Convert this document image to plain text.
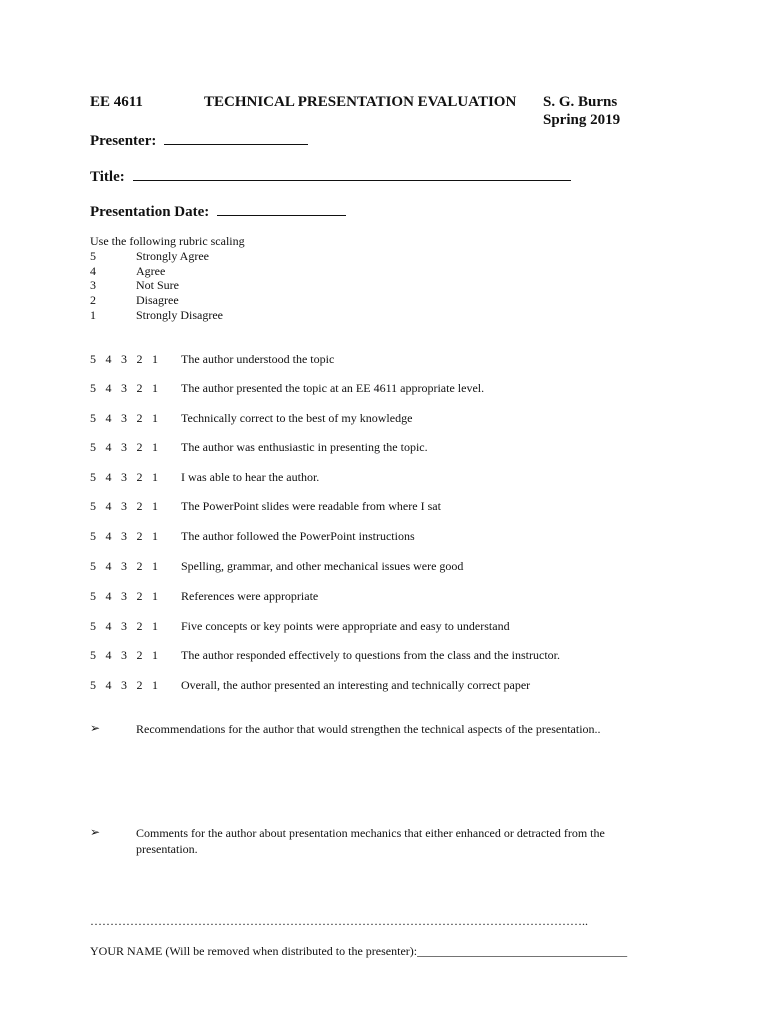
EE 4611	TECHNICAL PRESENTATION EVALUATION S. G. Burns
Spring 2019
Presenter:
Title:
Presentation Date:
Use the following rubric scaling
5	Strongly Agree
4	Agree
3	Not Sure
2	Disagree
1	Strongly Disagree
5 4 3 2 1	The author understood the topic
5 4 3 2 1	The author presented the topic at an EE 4611 appropriate level.
5 4 3 2 1	Technically correct to the best of my knowledge
5 4 3 2 1	The author was enthusiastic in presenting the topic.
5 4 3 2 1	I was able to hear the author.
5 4 3 2 1	The PowerPoint slides were readable from where I sat
5 4 3 2 1	The author followed the PowerPoint instructions
5 4 3 2 1	Spelling, grammar, and other mechanical issues were good
5 4 3 2 1	References were appropriate
5 4 3 2 1	Five concepts or key points were appropriate and easy to understand
5 4 3 2 1	The author responded effectively to questions from the class and the instructor.
5 4 3 2 1	Overall, the author presented an interesting and technically correct paper
➢	Recommendations for the author that would strengthen the technical aspects of the presentation..
➢	Comments for the author about presentation mechanics that either enhanced or detracted from the presentation.
……………………………………………………………………………………………………………..
YOUR NAME (Will be removed when distributed to the presenter):___________________________________
